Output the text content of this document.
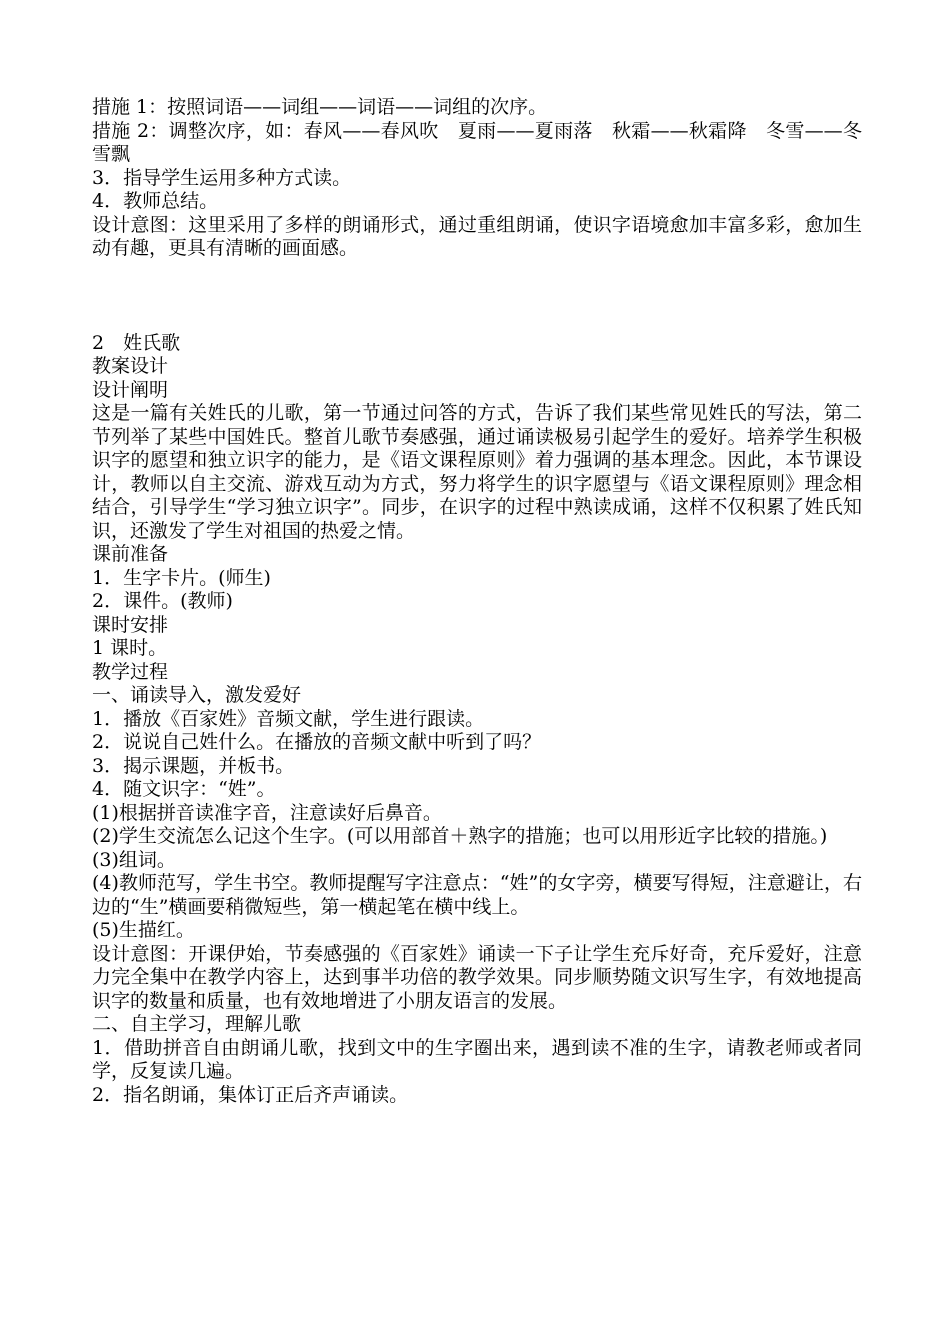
措施 1：按照词语——词组——词语——词组的次序。
措施 2：调整次序，如：春风——春风吹　夏雨——夏雨落　秋霜——秋霜降　冬雪——冬雪飘
3．指导学生运用多种方式读。
4．教师总结。
设计意图：这里采用了多样的朗诵形式，通过重组朗诵，使识字语境愈加丰富多彩，愈加生动有趣，更具有清晰的画面感。
2　姓氏歌
教案设计
设计阐明
这是一篇有关姓氏的儿歌，第一节通过问答的方式，告诉了我们某些常见姓氏的写法，第二节列举了某些中国姓氏。整首儿歌节奏感强，通过诵读极易引起学生的爱好。培养学生积极识字的愿望和独立识字的能力，是《语文课程原则》着力强调的基本理念。因此，本节课设计，教师以自主交流、游戏互动为方式，努力将学生的识字愿望与《语文课程原则》理念相结合，引导学生“学习独立识字”。同步，在识字的过程中熟读成诵，这样不仅积累了姓氏知识，还激发了学生对祖国的热爱之情。
课前准备
1．生字卡片。(师生)
2．课件。(教师)
课时安排
1 课时。
教学过程
一、诵读导入，激发爱好
1．播放《百家姓》音频文献，学生进行跟读。
2．说说自己姓什么。在播放的音频文献中听到了吗？
3．揭示课题，并板书。
4．随文识字：“姓”。
(1)根据拼音读准字音，注意读好后鼻音。
(2)学生交流怎么记这个生字。(可以用部首＋熟字的措施；也可以用形近字比较的措施。)
(3)组词。
(4)教师范写，学生书空。教师提醒写字注意点：“姓”的女字旁，横要写得短，注意避让，右边的“生”横画要稍微短些，第一横起笔在横中线上。
(5)生描红。
设计意图：开课伊始，节奏感强的《百家姓》诵读一下子让学生充斥好奇，充斥爱好，注意力完全集中在教学内容上，达到事半功倍的教学效果。同步顺势随文识写生字，有效地提高识字的数量和质量，也有效地增进了小朋友语言的发展。
二、自主学习，理解儿歌
1．借助拼音自由朗诵儿歌，找到文中的生字圈出来，遇到读不准的生字，请教老师或者同学，反复读几遍。
2．指名朗诵，集体订正后齐声诵读。
